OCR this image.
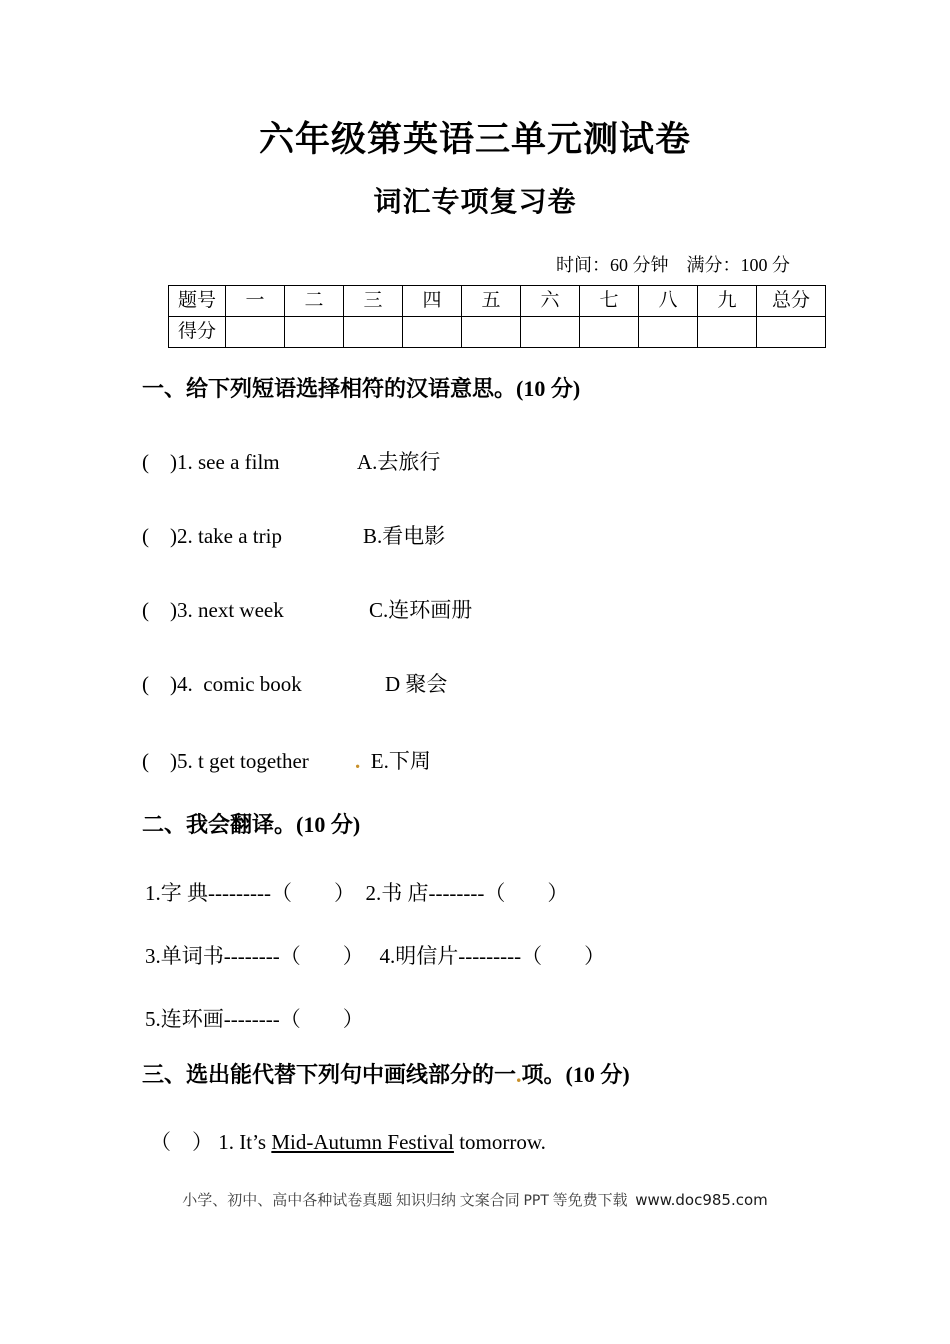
六年级第英语三单元测试卷
词汇专项复习卷
时间：60 分钟　满分：100 分
题号	一	二	三	四	五	六	七	八	九	总分
得分										
一、给下列短语选择相符的汉语意思。(10 分)
(    )1. see a film
(    )2. take a trip
(    )3. next week
(    )4.  comic book
(    )5. t get together
A.去旅行
B.看电影
C.连环画册
D 聚会
. E.下周
二、我会翻译。(10 分)
1.字 典---------（        ） 2.书 店--------（        ）
3.单词书--------（        ） 4.明信片---------（        ）
5.连环画--------（        ）
三、选出能代替下列句中画线部分的一.项。(10 分)
（    ） 1. It’s Mid-Autumn Festival tomorrow.
小学、初中、高中各种试卷真题 知识归纳 文案合同 PPT 等免费下载  www.doc985.com
